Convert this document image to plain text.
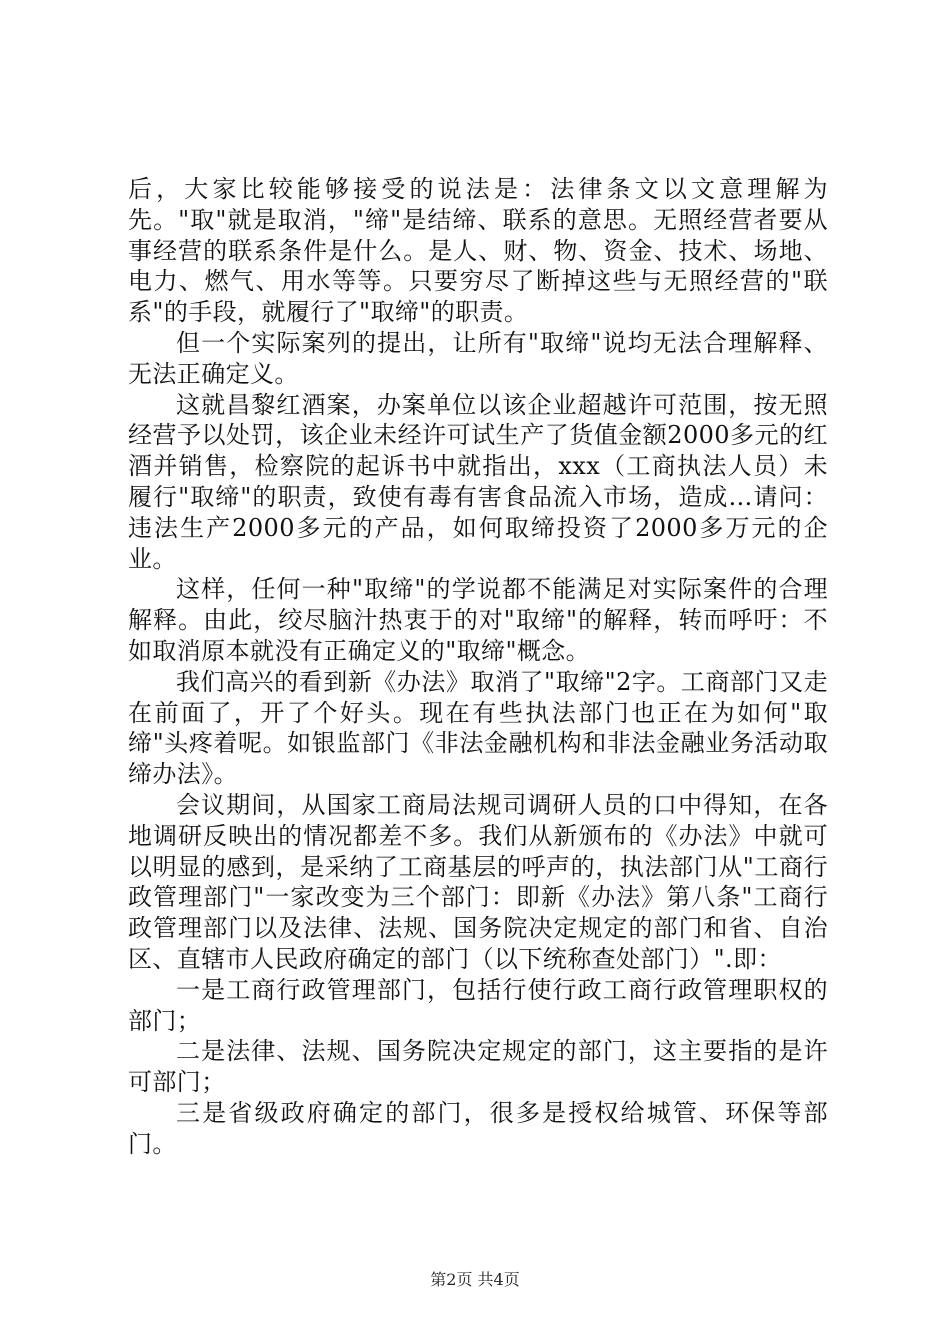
后，大家比较能够接受的说法是：法律条文以文意理解为先。"取"就是取消，"缔"是结缔、联系的意思。无照经营者要从事经营的联系条件是什么。是人、财、物、资金、技术、场地、电力、燃气、用水等等。只要穷尽了断掉这些与无照经营的"联系"的手段，就履行了"取缔"的职责。

但一个实际案列的提出，让所有"取缔"说均无法合理解释、无法正确定义。

这就昌黎红酒案，办案单位以该企业超越许可范围，按无照经营予以处罚，该企业未经许可试生产了货值金额2000多元的红酒并销售，检察院的起诉书中就指出，xxx（工商执法人员）未履行"取缔"的职责，致使有毒有害食品流入市场，造成…请问：违法生产2000多元的产品，如何取缔投资了2000多万元的企业。

这样，任何一种"取缔"的学说都不能满足对实际案件的合理解释。由此，绞尽脑汁热衷于的对"取缔"的解释，转而呼吁：不如取消原本就没有正确定义的"取缔"概念。

我们高兴的看到新《办法》取消了"取缔"2字。工商部门又走在前面了，开了个好头。现在有些执法部门也正在为如何"取缔"头疼着呢。如银监部门《非法金融机构和非法金融业务活动取缔办法》。

会议期间，从国家工商局法规司调研人员的口中得知，在各地调研反映出的情况都差不多。我们从新颁布的《办法》中就可以明显的感到，是采纳了工商基层的呼声的，执法部门从"工商行政管理部门"一家改变为三个部门：即新《办法》第八条"工商行政管理部门以及法律、法规、国务院决定规定的部门和省、自治区、直辖市人民政府确定的部门（以下统称查处部门）".即：

一是工商行政管理部门，包括行使行政工商行政管理职权的部门；

二是法律、法规、国务院决定规定的部门，这主要指的是许可部门；

三是省级政府确定的部门，很多是授权给城管、环保等部门。

第2页 共4页
